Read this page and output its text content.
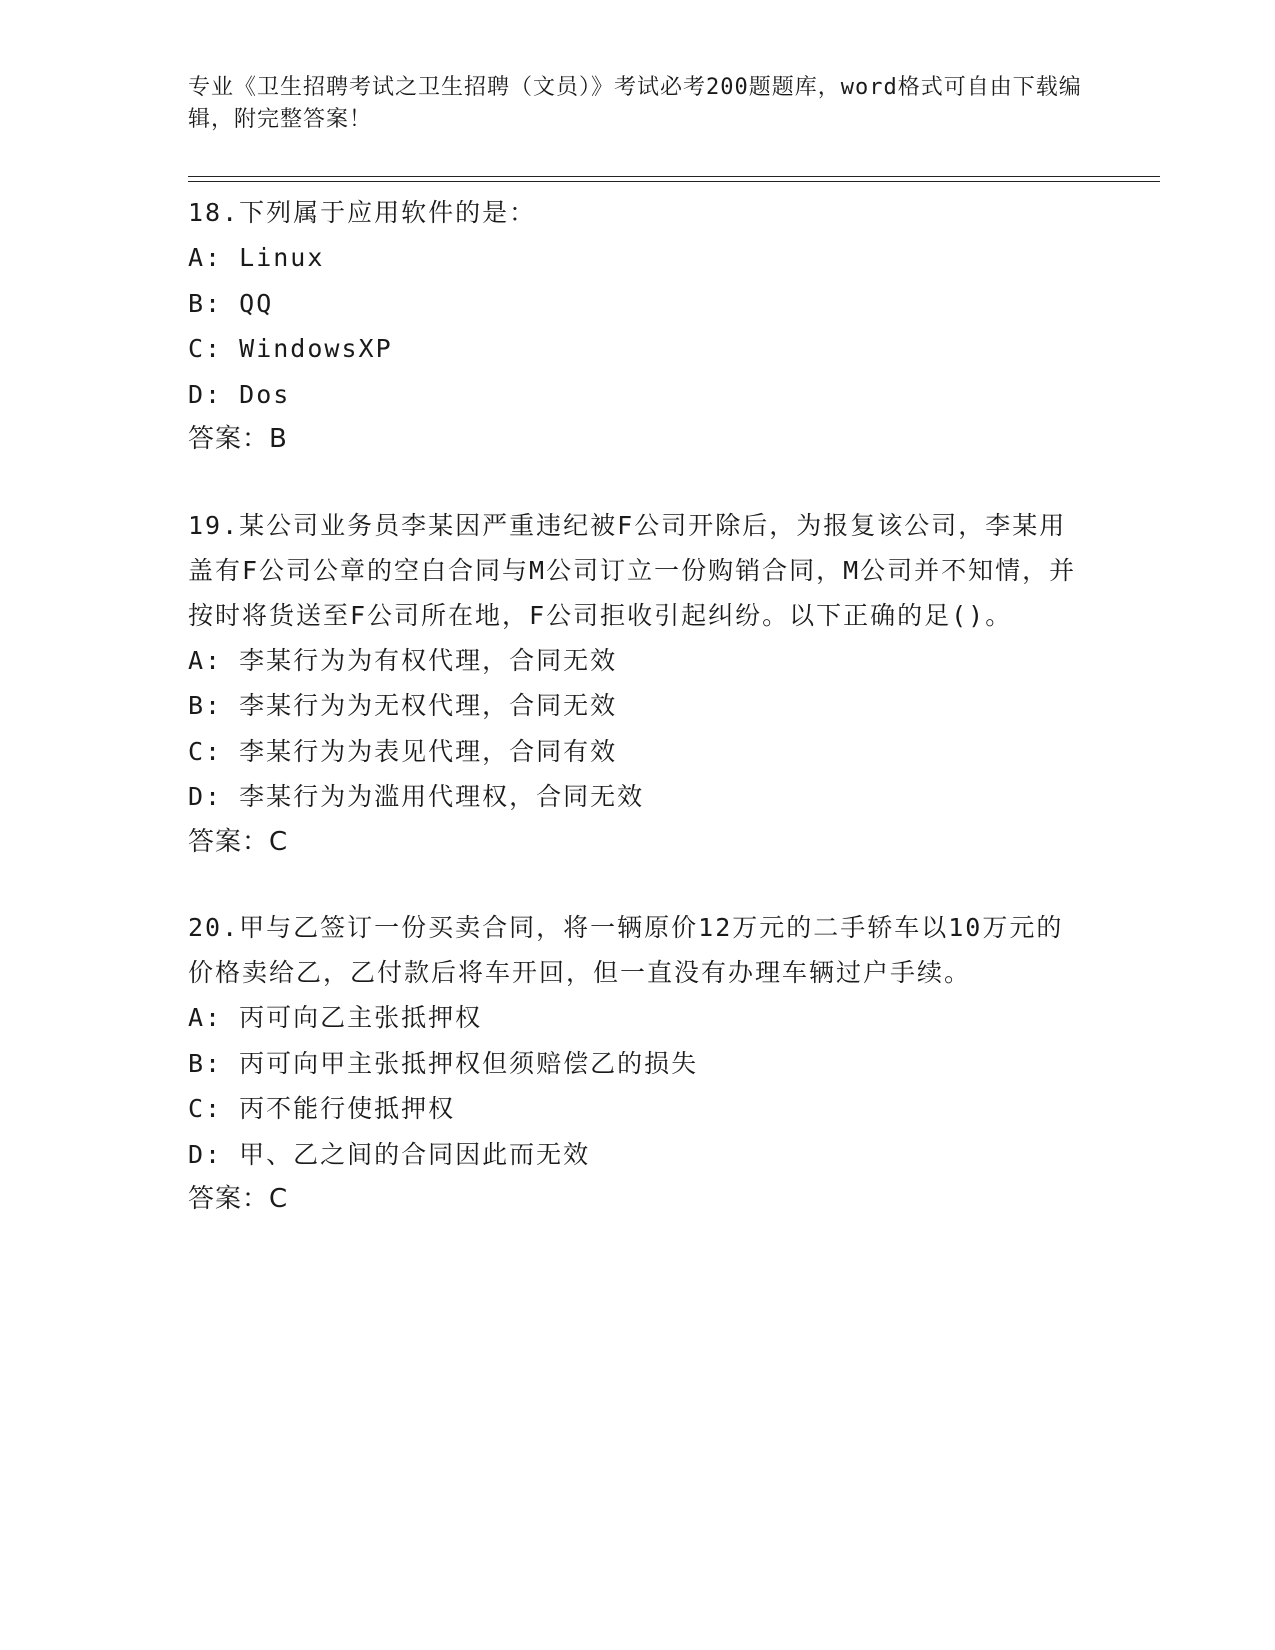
专业《卫生招聘考试之卫生招聘（文员）》考试必考200题题库，word格式可自由下载编辑，附完整答案！

18.下列属于应用软件的是：

A: Linux

B: QQ

C: WindowsXP

D: Dos

答案：B

19.某公司业务员李某因严重违纪被F公司开除后，为报复该公司，李某用盖有F公司公章的空白合同与M公司订立一份购销合同，M公司并不知情，并按时将货送至F公司所在地，F公司拒收引起纠纷。以下正确的足()。

A: 李某行为为有权代理，合同无效

B: 李某行为为无权代理，合同无效

C: 李某行为为表见代理，合同有效

D: 李某行为为滥用代理权，合同无效

答案：C

20.甲与乙签订一份买卖合同，将一辆原价12万元的二手轿车以10万元的价格卖给乙，乙付款后将车开回，但一直没有办理车辆过户手续。

A: 丙可向乙主张抵押权

B: 丙可向甲主张抵押权但须赔偿乙的损失

C: 丙不能行使抵押权

D: 甲、乙之间的合同因此而无效

答案：C
